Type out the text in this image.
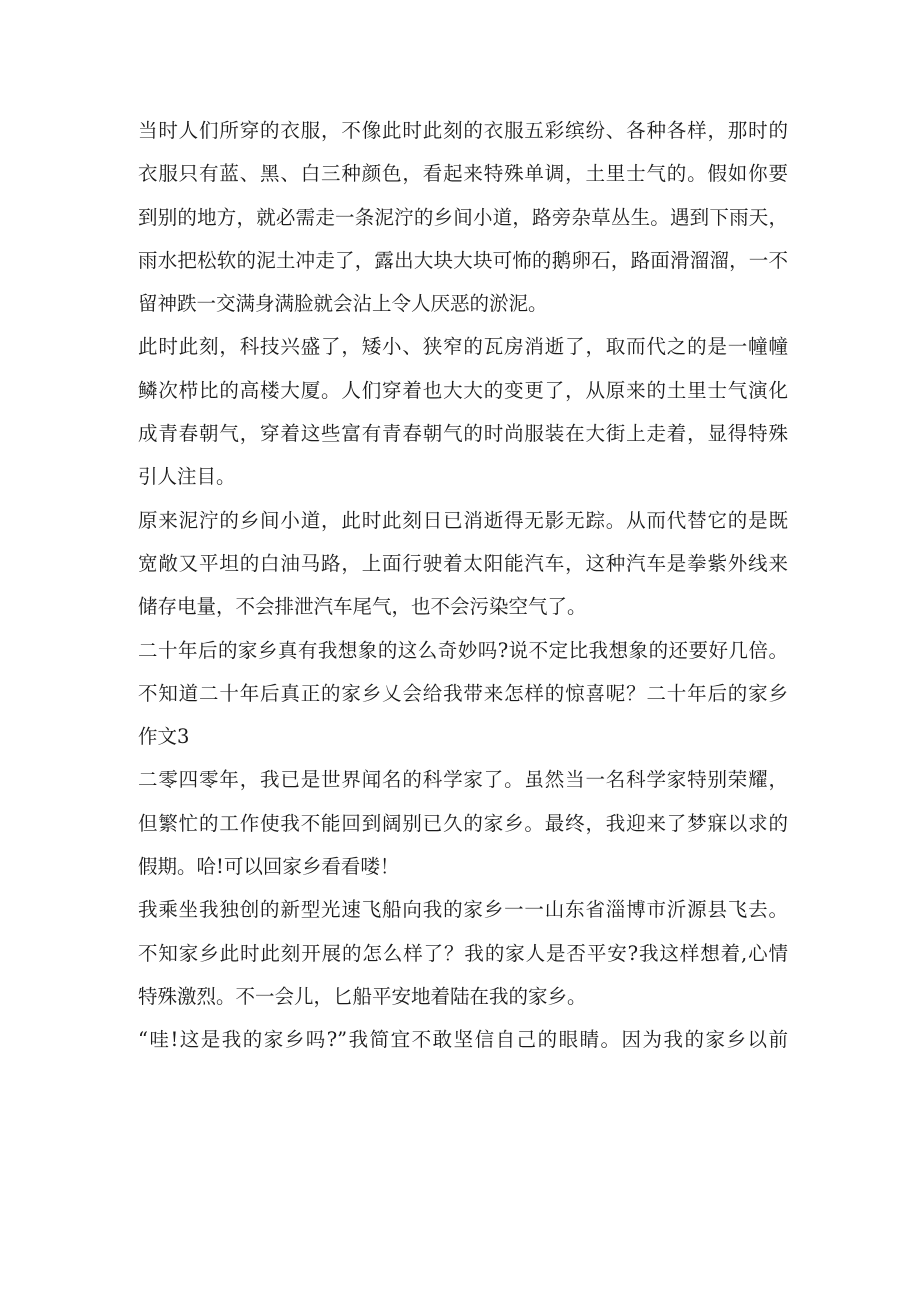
当时人们所穿的衣服，不像此时此刻的衣服五彩缤纷、各种各样，那时的
衣服只有蓝、黑、白三种颜色，看起来特殊单调，土里士气的。假如你要
到别的地方，就必需走一条泥泞的乡间小道，路旁杂草丛生。遇到下雨天，
雨水把松软的泥土冲走了，露出大块大块可怖的鹅卵石，路面滑溜溜，一不
留神跌一交满身满脸就会沾上令人厌恶的淤泥。
此时此刻，科技兴盛了，矮小、狭窄的瓦房消逝了，取而代之的是一幢幢
鳞次栉比的高楼大厦。人们穿着也大大的变更了，从原来的土里士气演化
成青春朝气，穿着这些富有青春朝气的时尚服装在大街上走着，显得特殊
引人注目。
原来泥泞的乡间小道，此时此刻日已消逝得无影无踪。从而代替它的是既
宽敞又平坦的白油马路，上面行驶着太阳能汽车，这种汽车是拳紫外线来
储存电量，不会排泄汽车尾气，也不会污染空气了。
二十年后的家乡真有我想象的这么奇妙吗?说不定比我想象的还要好几倍。
不知道二十年后真正的家乡乂会给我带来怎样的惊喜呢？二十年后的家乡
作文3
二零四零年，我已是世界闻名的科学家了。虽然当一名科学家特别荣耀，
但繁忙的工作使我不能回到阔别已久的家乡。最终，我迎来了梦寐以求的
假期。哈!可以回家乡看看喽！
我乘坐我独创的新型光速飞船向我的家乡一一山东省淄博市沂源县飞去。
不知家乡此时此刻开展的怎么样了？我的家人是否平安?我这样想着,心情
特殊激烈。不一会儿，匕船平安地着陆在我的家乡。
“哇!这是我的家乡吗?”我简宜不敢坚信自己的眼睛。因为我的家乡以前
